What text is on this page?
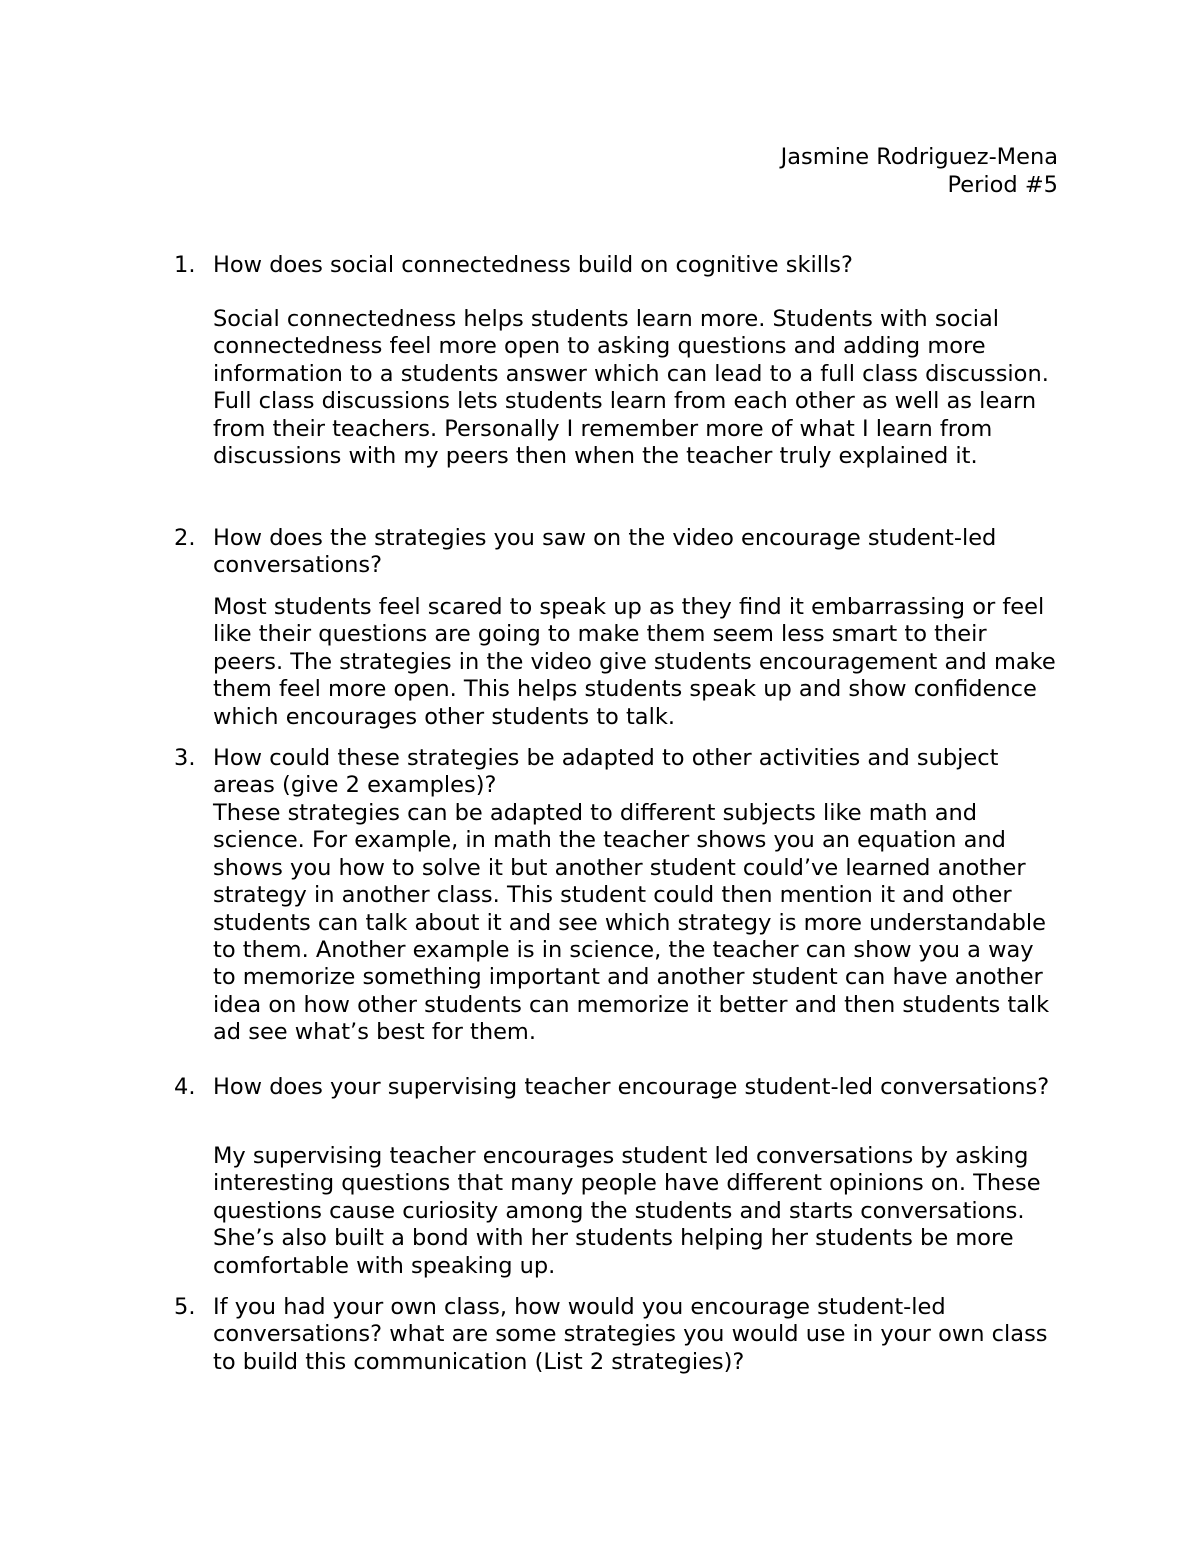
Jasmine Rodriguez-Mena
Period #5
1. How does social connectedness build on cognitive skills?
Social connectedness helps students learn more. Students with social connectedness feel more open to asking questions and adding more information to a students answer which can lead to a full class discussion. Full class discussions lets students learn from each other as well as learn from their teachers. Personally I remember more of what I learn from discussions with my peers then when the teacher truly explained it.
2. How does the strategies you saw on the video encourage student-led conversations?
Most students feel scared to speak up as they find it embarrassing or feel like their questions are going to make them seem less smart to their peers. The strategies in the video give students encouragement and make them feel more open. This helps students speak up and show confidence which encourages other students to talk.
3. How could these strategies be adapted to other activities and subject areas (give 2 examples)?
These strategies can be adapted to different subjects like math and science. For example, in math the teacher shows you an equation and shows you how to solve it but another student could’ve learned another strategy in another class. This student could then mention it and other students can talk about it and see which strategy is more understandable to them. Another example is in science, the teacher can show you a way to memorize something important and another student can have another idea on how other students can memorize it better and then students talk ad see what’s best for them.
4. How does your supervising teacher encourage student-led conversations?
My supervising teacher encourages student led conversations by asking interesting questions that many people have different opinions on. These questions cause curiosity among the students and starts conversations. She’s also built a bond with her students helping her students be more comfortable with speaking up.
5. If you had your own class, how would you encourage student-led conversations? what are some strategies you would use in your own class to build this communication (List 2 strategies)?
